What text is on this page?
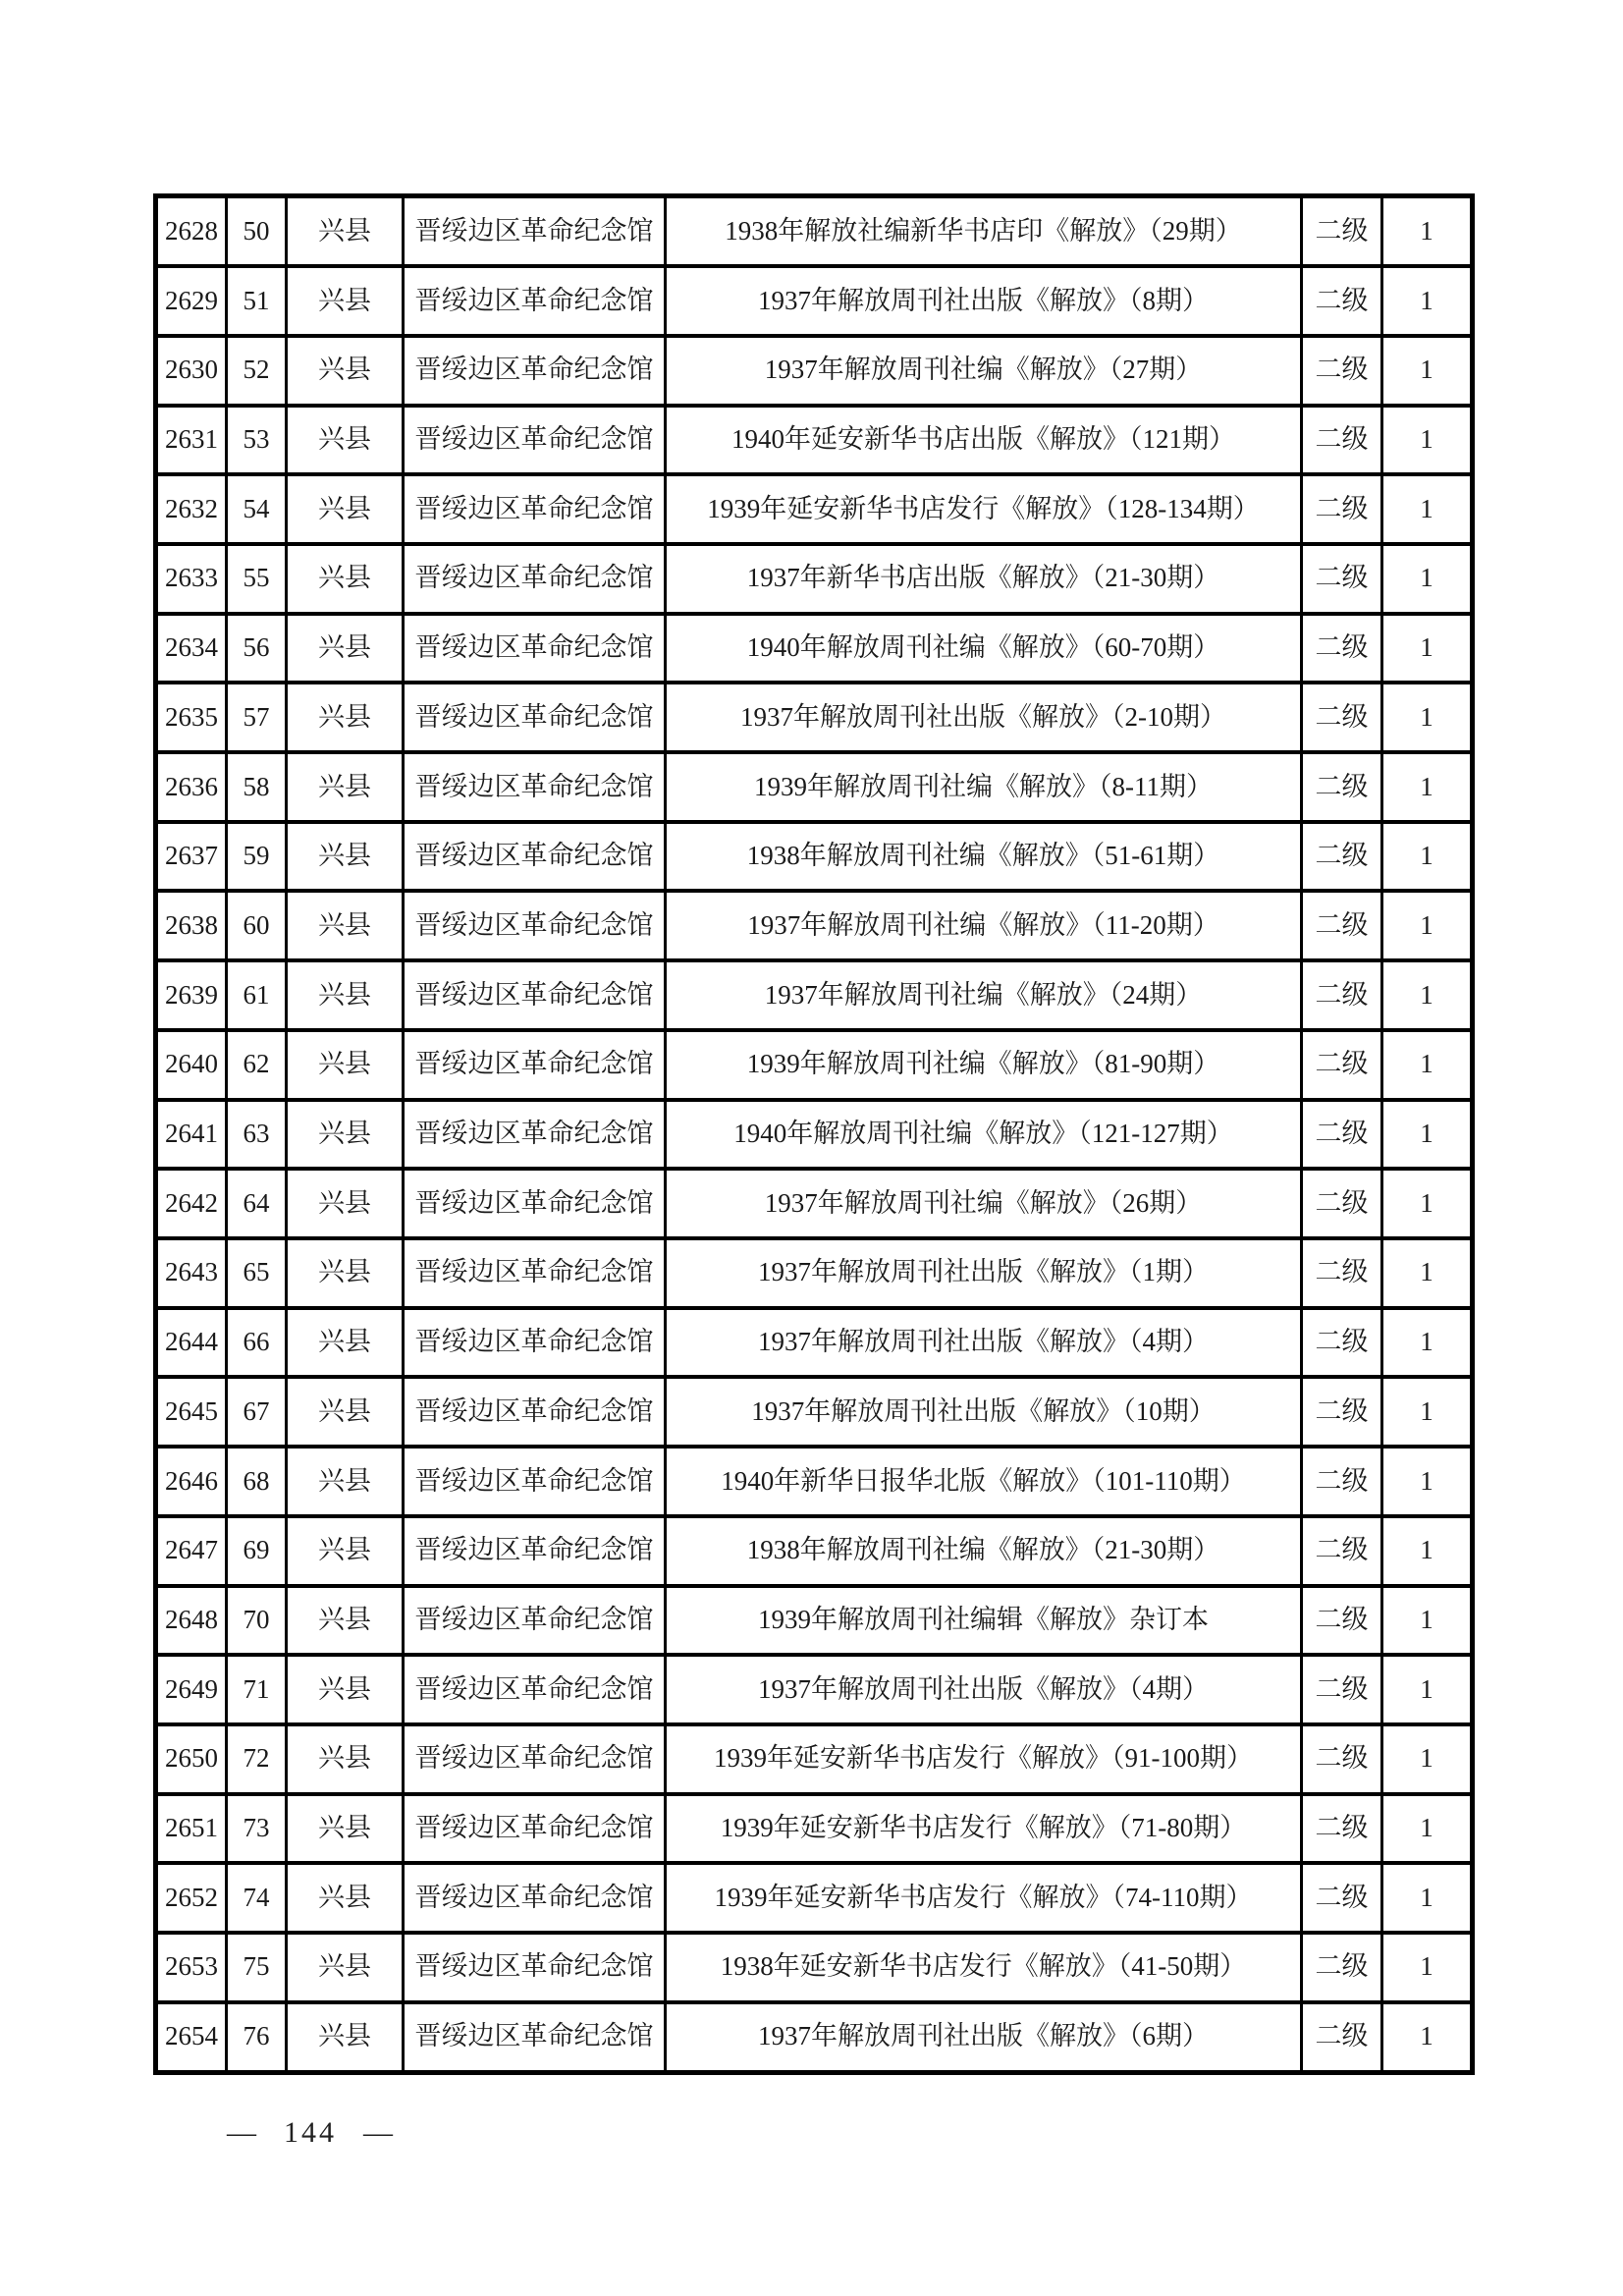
2628	50	兴县	晋绥边区革命纪念馆	1938年解放社编新华书店印《解放》（29期）	二级	1
2629	51	兴县	晋绥边区革命纪念馆	1937年解放周刊社出版《解放》（8期）	二级	1
2630	52	兴县	晋绥边区革命纪念馆	1937年解放周刊社编《解放》（27期）	二级	1
2631	53	兴县	晋绥边区革命纪念馆	1940年延安新华书店出版《解放》（121期）	二级	1
2632	54	兴县	晋绥边区革命纪念馆	1939年延安新华书店发行《解放》（128-134期）	二级	1
2633	55	兴县	晋绥边区革命纪念馆	1937年新华书店出版《解放》（21-30期）	二级	1
2634	56	兴县	晋绥边区革命纪念馆	1940年解放周刊社编《解放》（60-70期）	二级	1
2635	57	兴县	晋绥边区革命纪念馆	1937年解放周刊社出版《解放》（2-10期）	二级	1
2636	58	兴县	晋绥边区革命纪念馆	1939年解放周刊社编《解放》（8-11期）	二级	1
2637	59	兴县	晋绥边区革命纪念馆	1938年解放周刊社编《解放》（51-61期）	二级	1
2638	60	兴县	晋绥边区革命纪念馆	1937年解放周刊社编《解放》（11-20期）	二级	1
2639	61	兴县	晋绥边区革命纪念馆	1937年解放周刊社编《解放》（24期）	二级	1
2640	62	兴县	晋绥边区革命纪念馆	1939年解放周刊社编《解放》（81-90期）	二级	1
2641	63	兴县	晋绥边区革命纪念馆	1940年解放周刊社编《解放》（121-127期）	二级	1
2642	64	兴县	晋绥边区革命纪念馆	1937年解放周刊社编《解放》（26期）	二级	1
2643	65	兴县	晋绥边区革命纪念馆	1937年解放周刊社出版《解放》（1期）	二级	1
2644	66	兴县	晋绥边区革命纪念馆	1937年解放周刊社出版《解放》（4期）	二级	1
2645	67	兴县	晋绥边区革命纪念馆	1937年解放周刊社出版《解放》（10期）	二级	1
2646	68	兴县	晋绥边区革命纪念馆	1940年新华日报华北版《解放》（101-110期）	二级	1
2647	69	兴县	晋绥边区革命纪念馆	1938年解放周刊社编《解放》（21-30期）	二级	1
2648	70	兴县	晋绥边区革命纪念馆	1939年解放周刊社编辑《解放》杂订本	二级	1
2649	71	兴县	晋绥边区革命纪念馆	1937年解放周刊社出版《解放》（4期）	二级	1
2650	72	兴县	晋绥边区革命纪念馆	1939年延安新华书店发行《解放》（91-100期）	二级	1
2651	73	兴县	晋绥边区革命纪念馆	1939年延安新华书店发行《解放》（71-80期）	二级	1
2652	74	兴县	晋绥边区革命纪念馆	1939年延安新华书店发行《解放》（74-110期）	二级	1
2653	75	兴县	晋绥边区革命纪念馆	1938年延安新华书店发行《解放》（41-50期）	二级	1
2654	76	兴县	晋绥边区革命纪念馆	1937年解放周刊社出版《解放》（6期）	二级	1
— 144 —
